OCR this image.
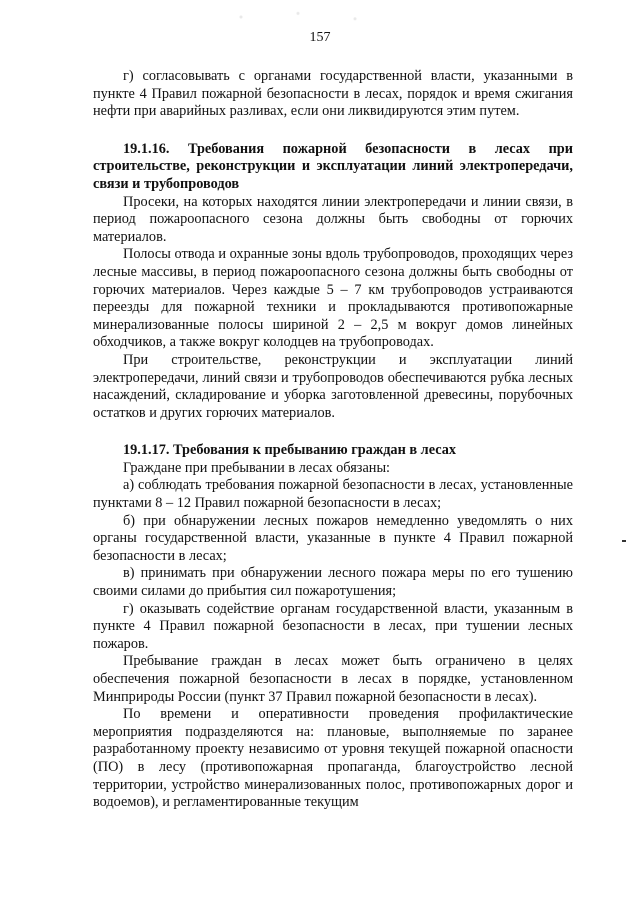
157

г) согласовывать с органами государственной власти, указанными в пункте 4 Правил пожарной безопасности в лесах, порядок и время сжигания нефти при аварийных разливах, если они ликвидируются этим путем.

19.1.16. Требования пожарной безопасности в лесах при строительстве, реконструкции и эксплуатации линий электропередачи, связи и трубопроводов

Просеки, на которых находятся линии электропередачи и линии связи, в период пожароопасного сезона должны быть свободны от горючих материалов.

Полосы отвода и охранные зоны вдоль трубопроводов, проходящих через лесные массивы, в период пожароопасного сезона должны быть свободны от горючих материалов. Через каждые 5 – 7 км трубопроводов устраиваются переезды для пожарной техники и прокладываются противопожарные минерализованные полосы шириной 2 – 2,5 м вокруг домов линейных обходчиков, а также вокруг колодцев на трубопроводах.

При строительстве, реконструкции и эксплуатации линий электропередачи, линий связи и трубопроводов обеспечиваются рубка лесных насаждений, складирование и уборка заготовленной древесины, порубочных остатков и других горючих материалов.

19.1.17. Требования к пребыванию граждан в лесах

Граждане при пребывании в лесах обязаны:

а) соблюдать требования пожарной безопасности в лесах, установленные пунктами 8 – 12 Правил пожарной безопасности в лесах;

б) при обнаружении лесных пожаров немедленно уведомлять о них органы государственной власти, указанные в пункте 4 Правил пожарной безопасности в лесах;

в) принимать при обнаружении лесного пожара меры по его тушению своими силами до прибытия сил пожаротушения;

г) оказывать содействие органам государственной власти, указанным в пункте 4 Правил пожарной безопасности в лесах, при тушении лесных пожаров.

Пребывание граждан в лесах может быть ограничено в целях обеспечения пожарной безопасности в лесах в порядке, установленном Минприроды России (пункт 37 Правил пожарной безопасности в лесах).

По времени и оперативности проведения профилактические мероприятия подразделяются на: плановые, выполняемые по заранее разработанному проекту независимо от уровня текущей пожарной опасности (ПО) в лесу (противопожарная пропаганда, благоустройство лесной территории, устройство минерализованных полос, противопожарных дорог и водоемов), и регламентированные текущим
